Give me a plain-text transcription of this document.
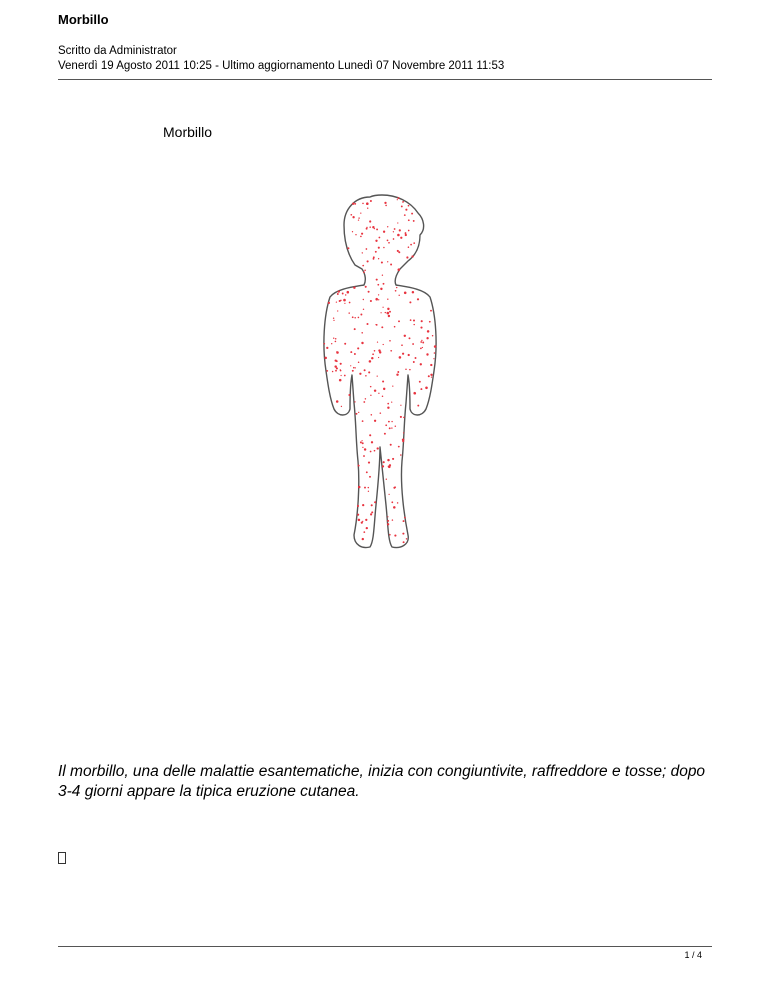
Morbillo
Scritto da Administrator
Venerdì 19 Agosto 2011 10:25 - Ultimo aggiornamento Lunedì 07 Novembre 2011 11:53
Morbillo
Il morbillo, una delle malattie esantematiche, inizia con congiuntivite, raffreddore e tosse; dopo 3-4 giorni appare la tipica eruzione cutanea.
1 / 4
